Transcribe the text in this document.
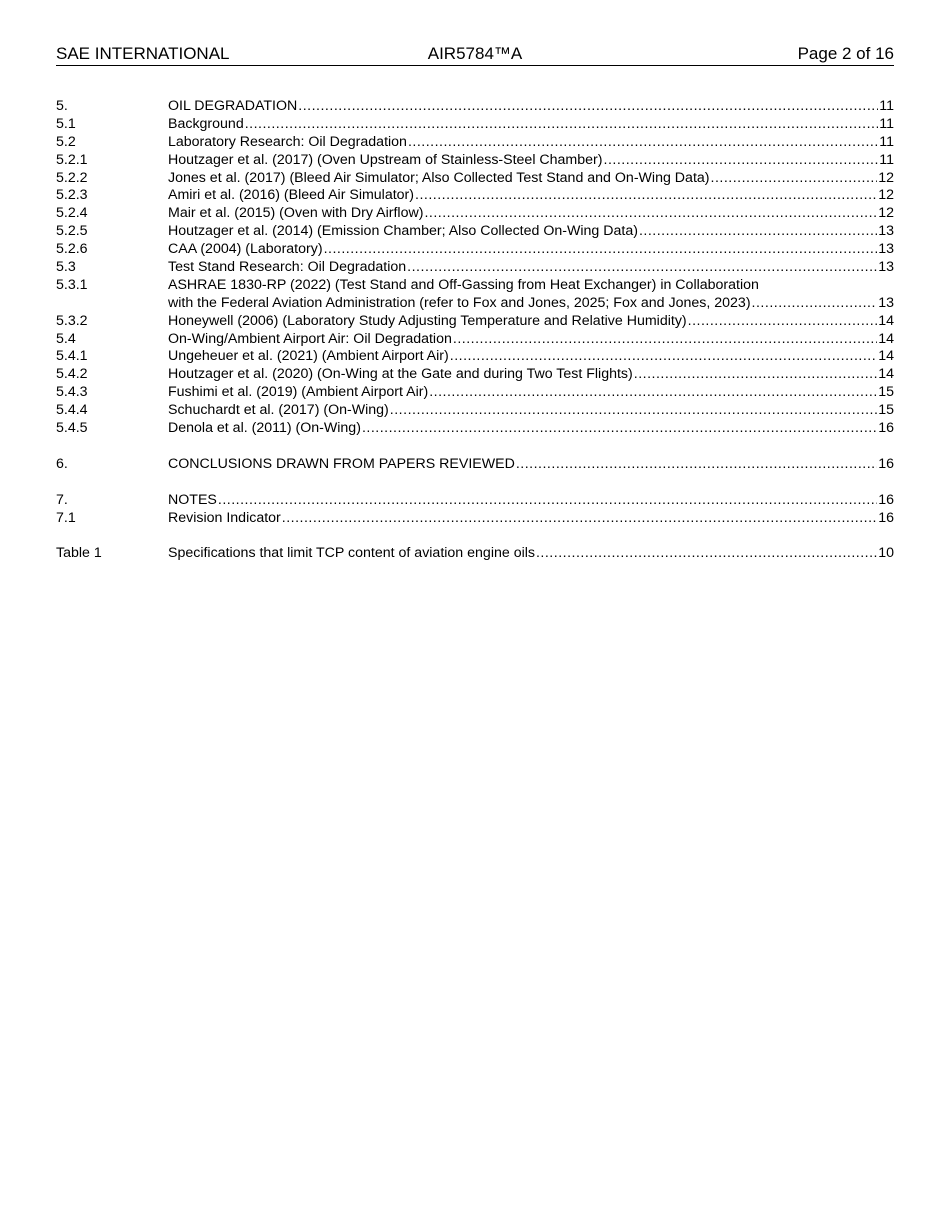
SAE INTERNATIONAL	AIR5784™A	Page 2 of 16
5.	OIL DEGRADATION .....	11
5.1	Background .....	11
5.2	Laboratory Research: Oil Degradation .....	11
5.2.1	Houtzager et al. (2017) (Oven Upstream of Stainless-Steel Chamber) .....	11
5.2.2	Jones et al. (2017) (Bleed Air Simulator; Also Collected Test Stand and On-Wing Data) .....	12
5.2.3	Amiri et al. (2016) (Bleed Air Simulator) .....	12
5.2.4	Mair et al. (2015) (Oven with Dry Airflow) .....	12
5.2.5	Houtzager et al. (2014) (Emission Chamber; Also Collected On-Wing Data) .....	13
5.2.6	CAA (2004) (Laboratory) .....	13
5.3	Test Stand Research: Oil Degradation .....	13
5.3.1	ASHRAE 1830-RP (2022) (Test Stand and Off-Gassing from Heat Exchanger) in Collaboration
with the Federal Aviation Administration (refer to Fox and Jones, 2025; Fox and Jones, 2023) .....	13
5.3.2	Honeywell (2006) (Laboratory Study Adjusting Temperature and Relative Humidity) .....	14
5.4	On-Wing/Ambient Airport Air: Oil Degradation .....	14
5.4.1	Ungeheuer et al. (2021) (Ambient Airport Air) .....	14
5.4.2	Houtzager et al. (2020) (On-Wing at the Gate and during Two Test Flights) .....	14
5.4.3	Fushimi et al. (2019) (Ambient Airport Air) .....	15
5.4.4	Schuchardt et al. (2017) (On-Wing) .....	15
5.4.5	Denola et al. (2011) (On-Wing) .....	16
6.	CONCLUSIONS DRAWN FROM PAPERS REVIEWED .....	16
7.	NOTES .....	16
7.1	Revision Indicator .....	16
Table 1	Specifications that limit TCP content of aviation engine oils .....	10
